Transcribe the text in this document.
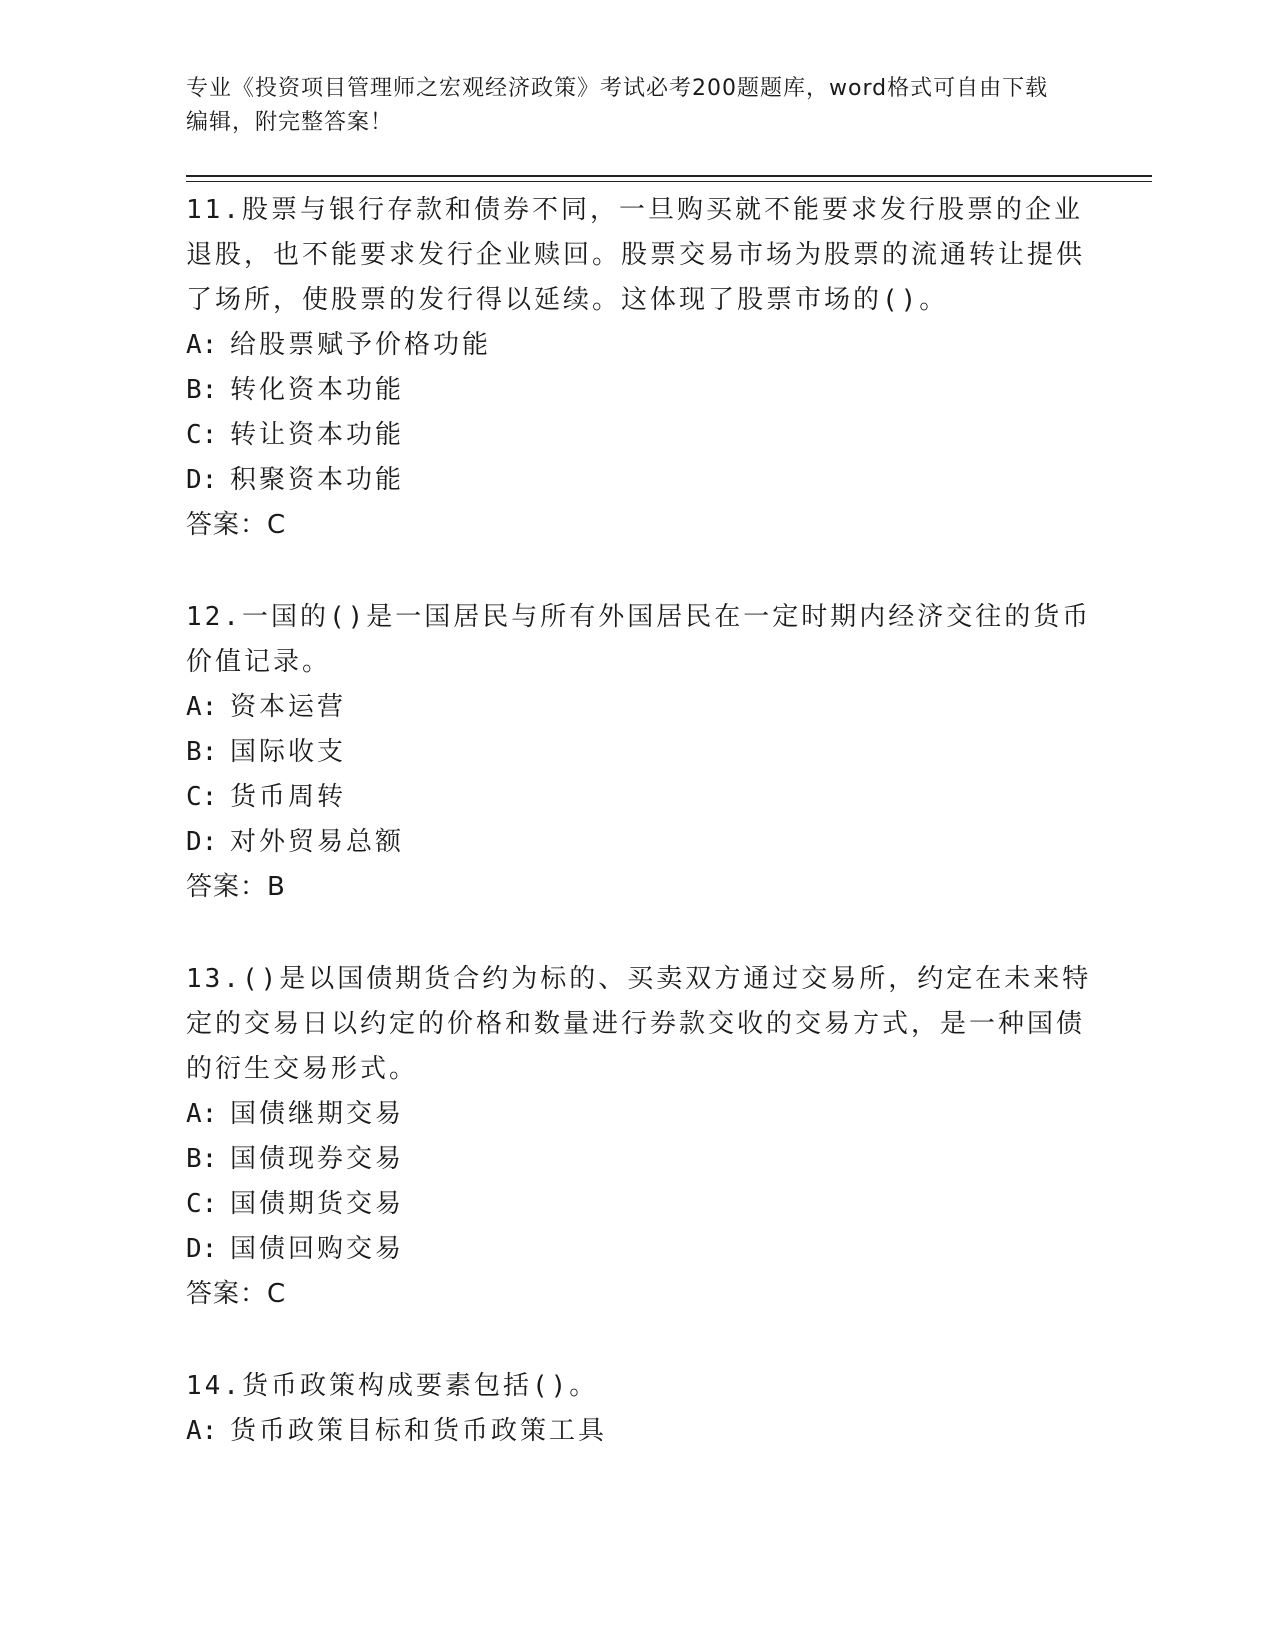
专业《投资项目管理师之宏观经济政策》考试必考200题题库，word格式可自由下载编辑，附完整答案！

11.股票与银行存款和债券不同，一旦购买就不能要求发行股票的企业退股，也不能要求发行企业赎回。股票交易市场为股票的流通转让提供了场所，使股票的发行得以延续。这体现了股票市场的()。

A: 给股票赋予价格功能

B: 转化资本功能

C: 转让资本功能

D: 积聚资本功能

答案：C

12.一国的()是一国居民与所有外国居民在一定时期内经济交往的货币价值记录。

A: 资本运营

B: 国际收支

C: 货币周转

D: 对外贸易总额

答案：B

13.()是以国债期货合约为标的、买卖双方通过交易所，约定在未来特定的交易日以约定的价格和数量进行券款交收的交易方式，是一种国债的衍生交易形式。

A: 国债继期交易

B: 国债现券交易

C: 国债期货交易

D: 国债回购交易

答案：C

14.货币政策构成要素包括()。

A: 货币政策目标和货币政策工具
